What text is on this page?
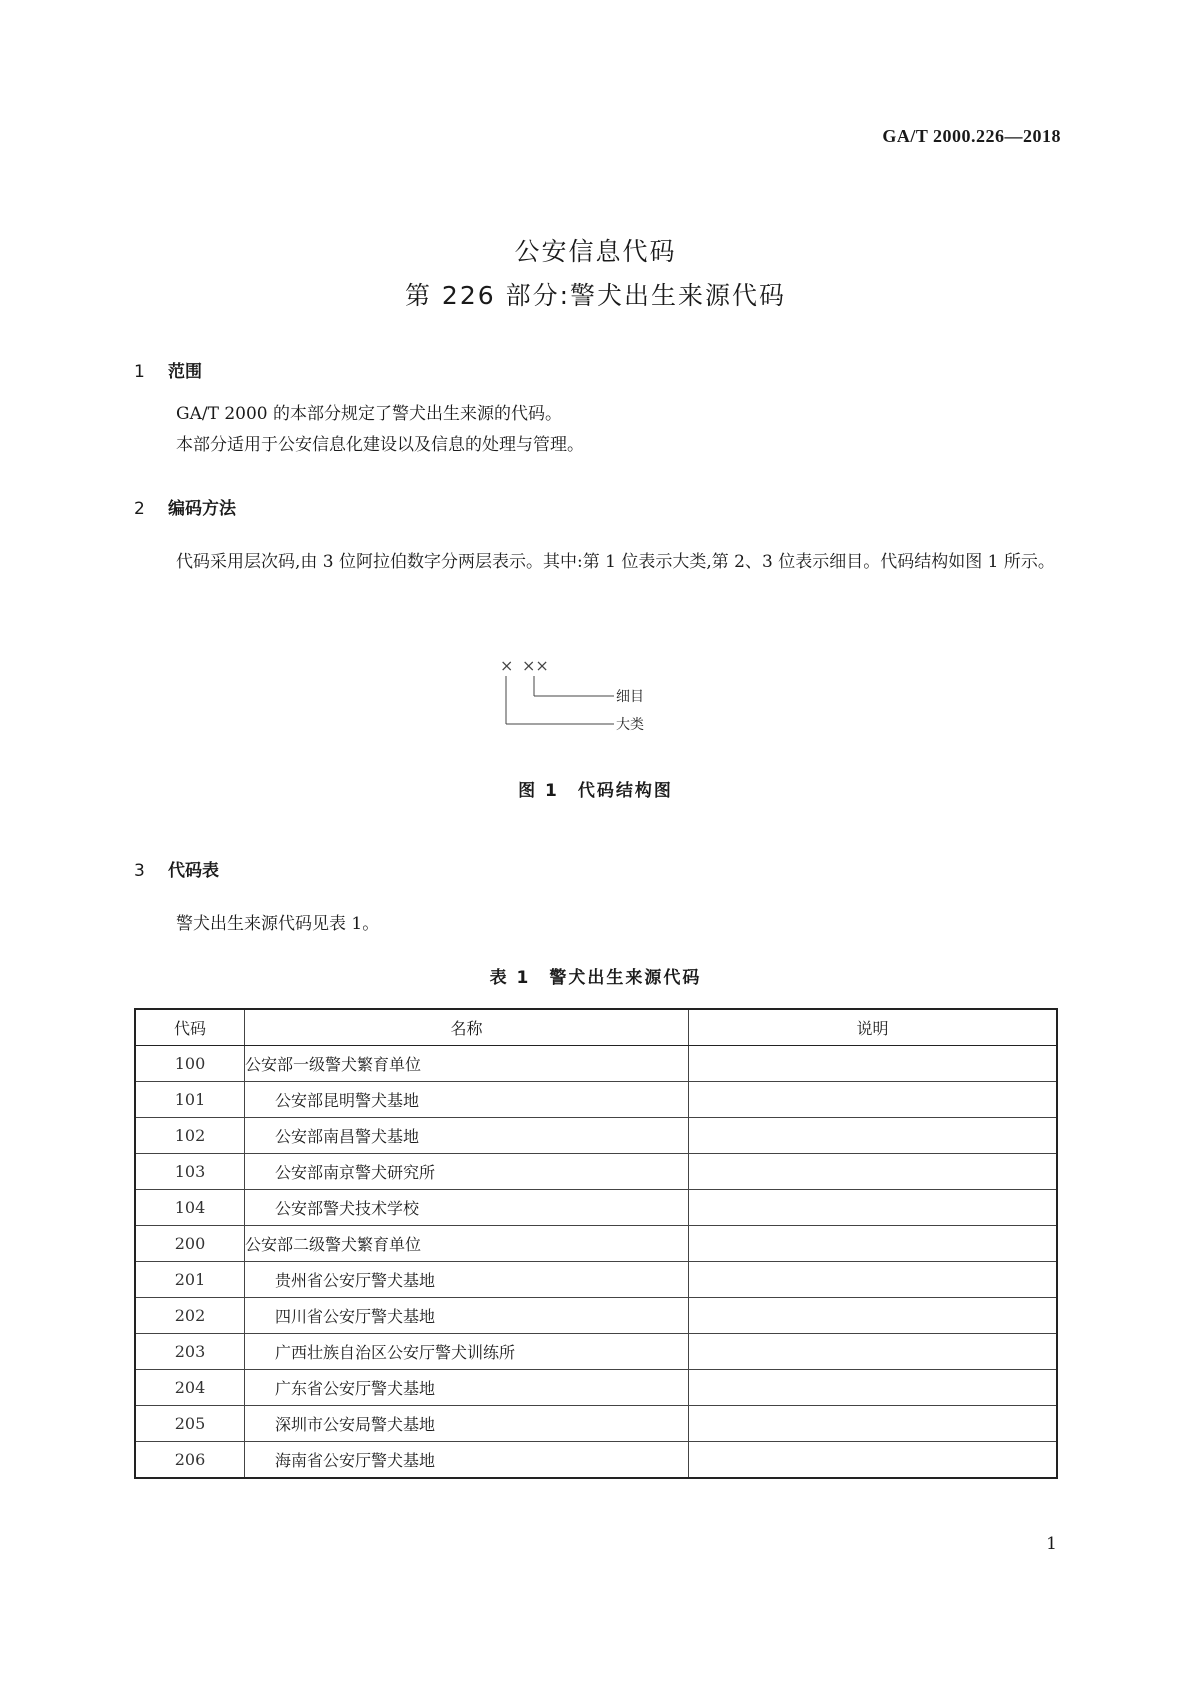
GA/T 2000.226—2018
公安信息代码
第 226 部分:警犬出生来源代码
1 范围
GA/T 2000 的本部分规定了警犬出生来源的代码。
本部分适用于公安信息化建设以及信息的处理与管理。
2 编码方法
代码采用层次码,由 3 位阿拉伯数字分两层表示。其中:第 1 位表示大类,第 2、3 位表示细目。代码结构如图 1 所示。
× ××
细目
大类
图 1　代码结构图
3 代码表
警犬出生来源代码见表 1。
表 1　警犬出生来源代码
代码	名称	说明
100	公安部一级警犬繁育单位	
101	公安部昆明警犬基地	
102	公安部南昌警犬基地	
103	公安部南京警犬研究所	
104	公安部警犬技术学校	
200	公安部二级警犬繁育单位	
201	贵州省公安厅警犬基地	
202	四川省公安厅警犬基地	
203	广西壮族自治区公安厅警犬训练所	
204	广东省公安厅警犬基地	
205	深圳市公安局警犬基地	
206	海南省公安厅警犬基地	
1
